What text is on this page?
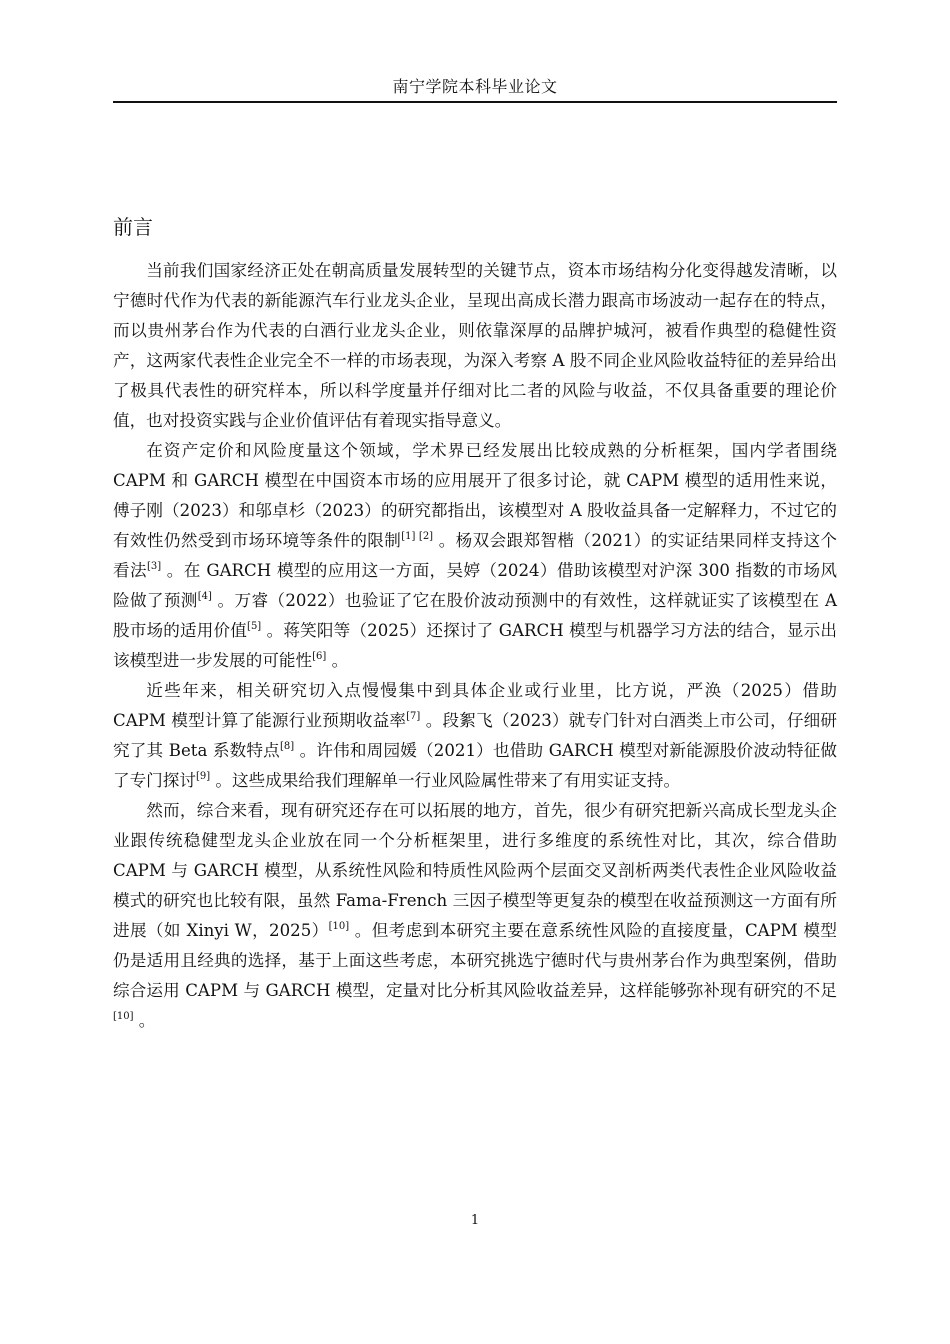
南宁学院本科毕业论文
前言

当前我们国家经济正处在朝高质量发展转型的关键节点，资本市场结构分化变得越发清晰，以宁德时代作为代表的新能源汽车行业龙头企业，呈现出高成长潜力跟高市场波动一起存在的特点，而以贵州茅台作为代表的白酒行业龙头企业，则依靠深厚的品牌护城河，被看作典型的稳健性资产，这两家代表性企业完全不一样的市场表现，为深入考察 A 股不同企业风险收益特征的差异给出了极具代表性的研究样本，所以科学度量并仔细对比二者的风险与收益，不仅具备重要的理论价值，也对投资实践与企业价值评估有着现实指导意义。

在资产定价和风险度量这个领域，学术界已经发展出比较成熟的分析框架，国内学者围绕 CAPM 和 GARCH 模型在中国资本市场的应用展开了很多讨论，就 CAPM 模型的适用性来说，傅子刚（2023）和邬卓杉（2023）的研究都指出，该模型对 A 股收益具备一定解释力，不过它的有效性仍然受到市场环境等条件的限制[1] [2] 。杨双会跟郑智楷（2021）的实证结果同样支持这个看法[3] 。在 GARCH 模型的应用这一方面，吴婷（2024）借助该模型对沪深 300 指数的市场风险做了预测[4] 。万睿（2022）也验证了它在股价波动预测中的有效性，这样就证实了该模型在 A 股市场的适用价值[5] 。蒋笑阳等（2025）还探讨了 GARCH 模型与机器学习方法的结合，显示出该模型进一步发展的可能性[6] 。

近些年来，相关研究切入点慢慢集中到具体企业或行业里，比方说，严涣（2025）借助 CAPM 模型计算了能源行业预期收益率[7] 。段絮飞（2023）就专门针对白酒类上市公司，仔细研究了其 Beta 系数特点[8] 。许伟和周园媛（2021）也借助 GARCH 模型对新能源股价波动特征做了专门探讨[9] 。这些成果给我们理解单一行业风险属性带来了有用实证支持。

然而，综合来看，现有研究还存在可以拓展的地方，首先，很少有研究把新兴高成长型龙头企业跟传统稳健型龙头企业放在同一个分析框架里，进行多维度的系统性对比，其次，综合借助 CAPM 与 GARCH 模型，从系统性风险和特质性风险两个层面交叉剖析两类代表性企业风险收益模式的研究也比较有限，虽然 Fama-French 三因子模型等更复杂的模型在收益预测这一方面有所进展（如 Xinyi W，2025）[10] 。但考虑到本研究主要在意系统性风险的直接度量，CAPM 模型仍是适用且经典的选择，基于上面这些考虑，本研究挑选宁德时代与贵州茅台作为典型案例，借助综合运用 CAPM 与 GARCH 模型，定量对比分析其风险收益差异，这样能够弥补现有研究的不足[10] 。

1
